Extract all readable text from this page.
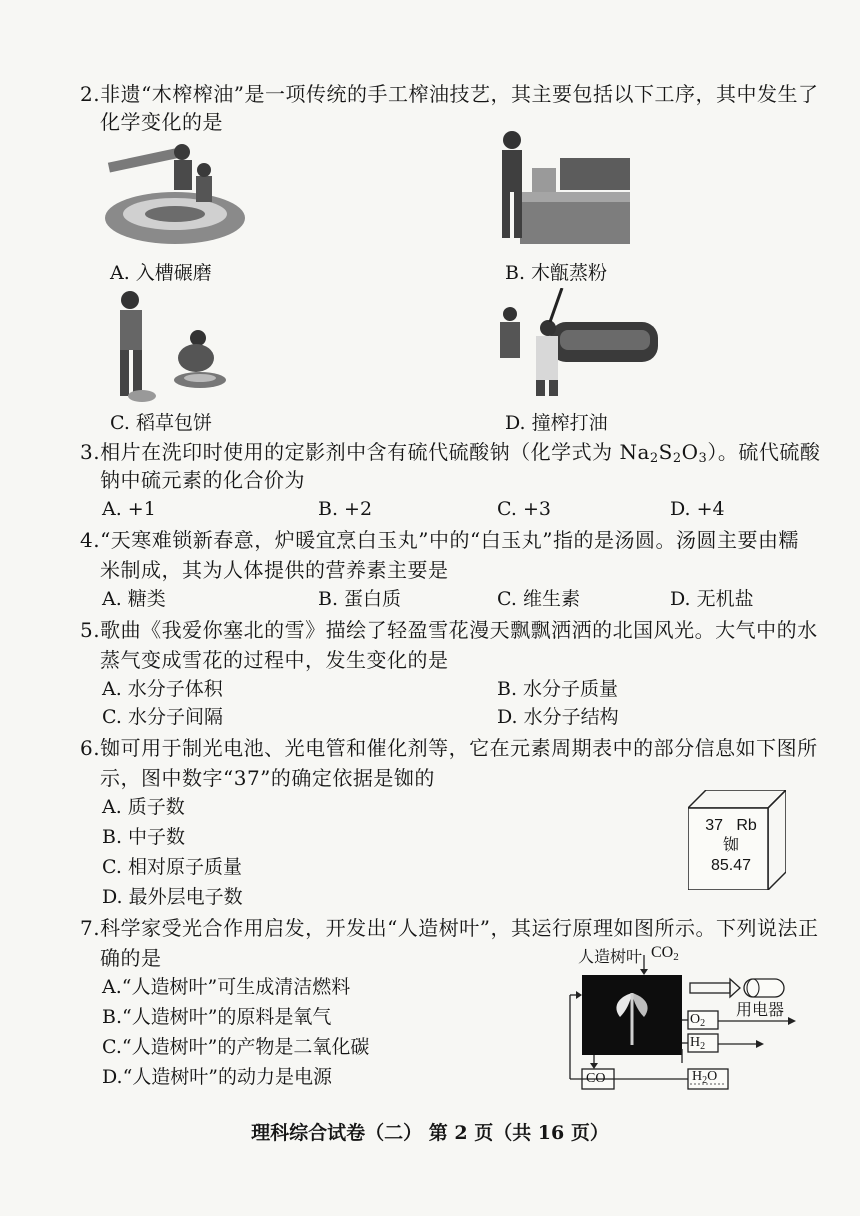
2.非遗“木榨榨油”是一项传统的手工榨油技艺，其主要包括以下工序，其中发生了
化学变化的是
A. 入槽碾磨	B. 木甑蒸粉
C. 稻草包饼	D. 撞榨打油
3.相片在洗印时使用的定影剂中含有硫代硫酸钠（化学式为 $Na_2S_2O_3$）。硫代硫酸
钠中硫元素的化合价为
A. +1	B. +2	C. +3	D. +4
4.“天寒难锁新春意，炉暖宜烹白玉丸”中的“白玉丸”指的是汤圆。汤圆主要由糯
米制成，其为人体提供的营养素主要是
A. 糖类	B. 蛋白质	C. 维生素	D. 无机盐
5.歌曲《我爱你塞北的雪》描绘了轻盈雪花漫天飘飘洒洒的北国风光。大气中的水
蒸气变成雪花的过程中，发生变化的是
A. 水分子体积	B. 水分子质量
C. 水分子间隔	D. 水分子结构
6.铷可用于制光电池、光电管和催化剂等，它在元素周期表中的部分信息如下图所
示，图中数字“37”的确定依据是铷的
A. 质子数
B. 中子数
C. 相对原子质量
D. 最外层电子数
37 Rb
铷
85.47
7.科学家受光合作用启发，开发出“人造树叶”，其运行原理如图所示。下列说法正
确的是
A.“人造树叶”可生成清洁燃料
B.“人造树叶”的原料是氧气
C.“人造树叶”的产物是二氧化碳
D.“人造树叶”的动力是电源
人造树叶 $CO_2$
用电器
$O_2$
$H_2$
CO	$H_2O$
理科综合试卷（二） 第 2 页（共 16 页）
